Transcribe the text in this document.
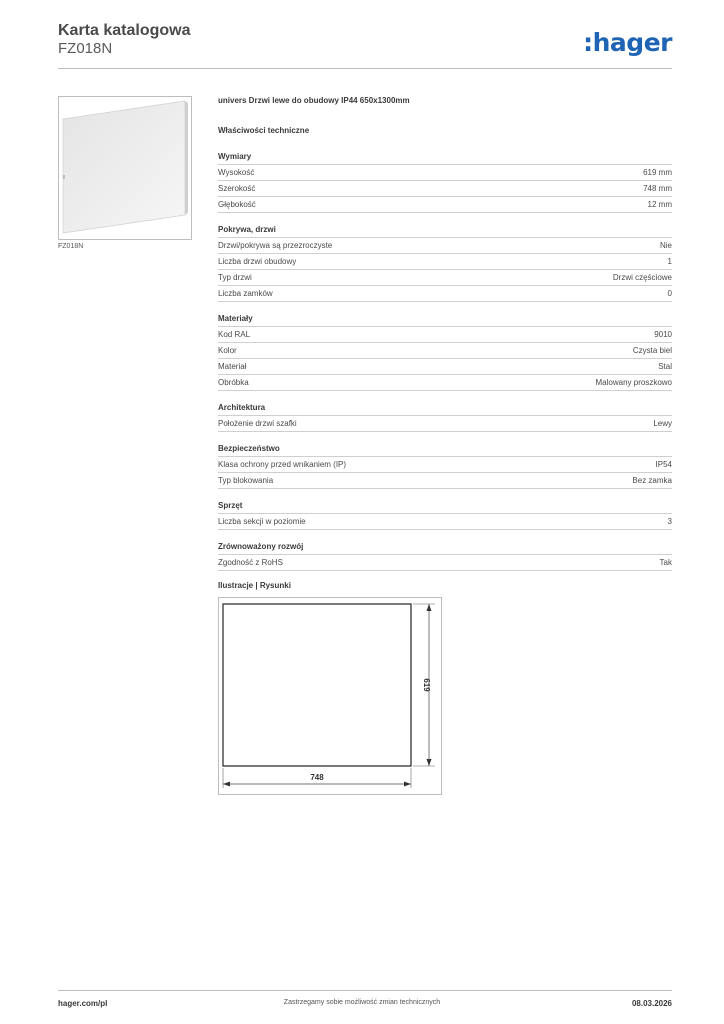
Karta katalogowa
FZ018N	:hager
FZ018N
univers Drzwi lewe do obudowy IP44 650x1300mm
Właściwości techniczne
Wymiary
Wysokość	619 mm
Szerokość	748 mm
Głębokość	12 mm
Pokrywa, drzwi
Drzwi/pokrywa są przezroczyste	Nie
Liczba drzwi obudowy	1
Typ drzwi	Drzwi częściowe
Liczba zamków	0
Materiały
Kod RAL	9010
Kolor	Czysta biel
Materiał	Stal
Obróbka	Malowany proszkowo
Architektura
Położenie drzwi szafki	Lewy
Bezpieczeństwo
Klasa ochrony przed wnikaniem (IP)	IP54
Typ blokowania	Bez zamka
Sprzęt
Liczba sekcji w poziomie	3
Zrównoważony rozwój
Zgodność z RoHS	Tak
Ilustracje | Rysunki
619
748
hager.com/pl	Zastrzegamy sobie możliwość zmian technicznych	08.03.2026
